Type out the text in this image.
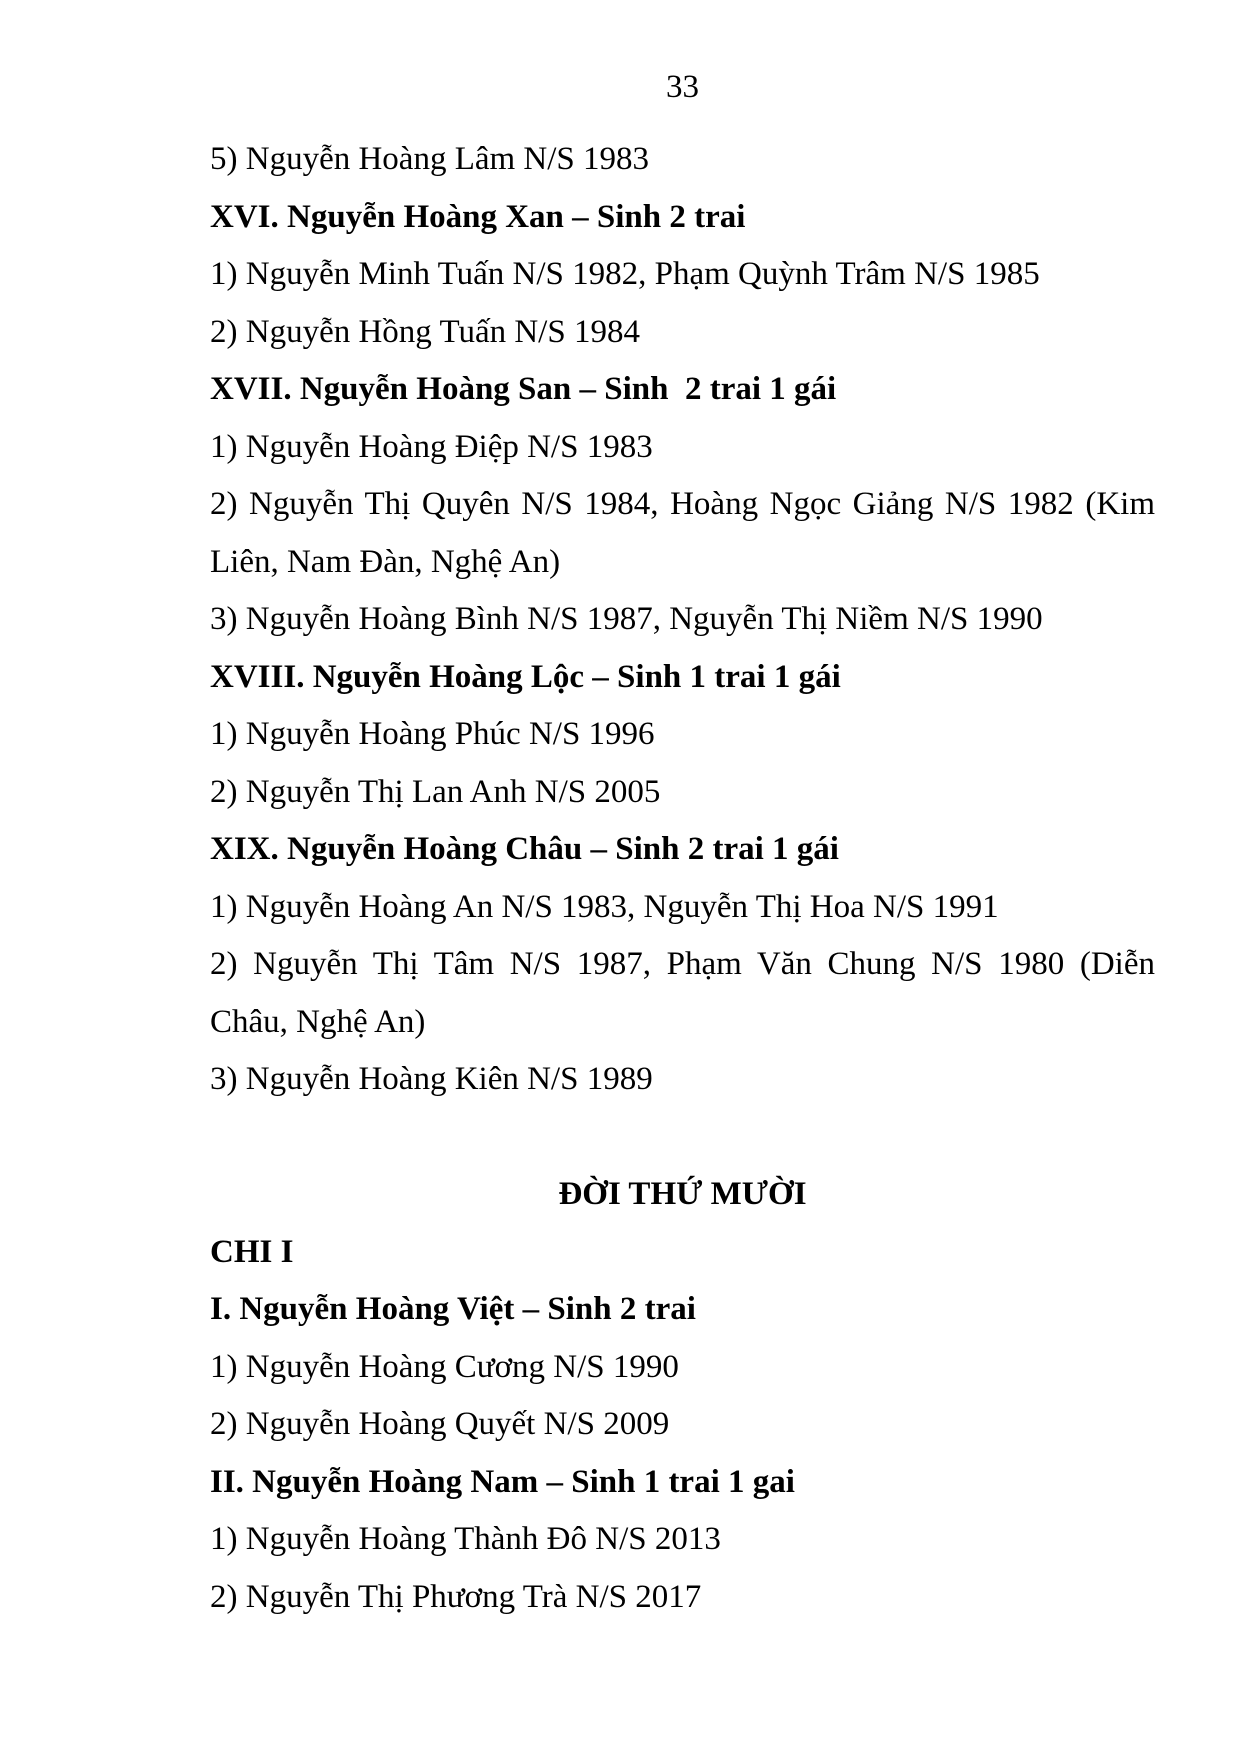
33
5) Nguyễn Hoàng Lâm N/S 1983
XVI. Nguyễn Hoàng Xan – Sinh 2 trai
1) Nguyễn Minh Tuấn N/S 1982, Phạm Quỳnh Trâm N/S 1985
2) Nguyễn Hồng Tuấn N/S 1984
XVII. Nguyễn Hoàng San – Sinh  2 trai 1 gái
1) Nguyễn Hoàng Điệp N/S 1983
2) Nguyễn Thị Quyên N/S 1984, Hoàng Ngọc Giảng N/S 1982 (Kim
Liên, Nam Đàn, Nghệ An)
3) Nguyễn Hoàng Bình N/S 1987, Nguyễn Thị Niềm N/S 1990
XVIII. Nguyễn Hoàng Lộc – Sinh 1 trai 1 gái
1) Nguyễn Hoàng Phúc N/S 1996
2) Nguyễn Thị Lan Anh N/S 2005
XIX. Nguyễn Hoàng Châu – Sinh 2 trai 1 gái
1) Nguyễn Hoàng An N/S 1983, Nguyễn Thị Hoa N/S 1991
2) Nguyễn Thị Tâm N/S 1987, Phạm Văn Chung N/S 1980 (Diễn
Châu, Nghệ An)
3) Nguyễn Hoàng Kiên N/S 1989
ĐỜI THỨ MƯỜI
CHI I
I. Nguyễn Hoàng Việt – Sinh 2 trai
1) Nguyễn Hoàng Cương N/S 1990
2) Nguyễn Hoàng Quyết N/S 2009
II. Nguyễn Hoàng Nam – Sinh 1 trai 1 gai
1) Nguyễn Hoàng Thành Đô N/S 2013
2) Nguyễn Thị Phương Trà N/S 2017
